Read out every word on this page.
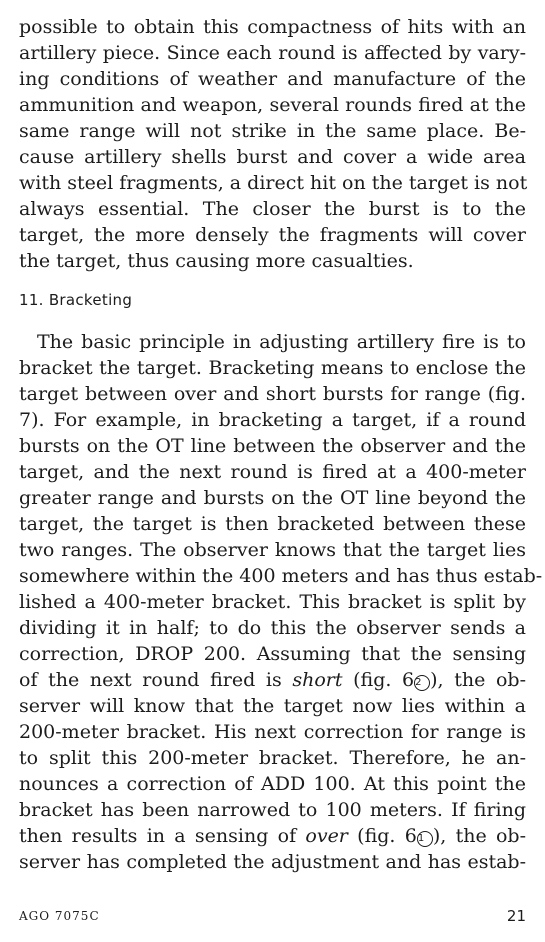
possible to obtain this compactness of hits with an
artillery piece. Since each round is affected by vary-
ing conditions of weather and manufacture of the
ammunition and weapon, several rounds fired at the
same range will not strike in the same place. Be-
cause artillery shells burst and cover a wide area
with steel fragments, a direct hit on the target is not
always essential. The closer the burst is to the
target, the more densely the fragments will cover
the target, thus causing more casualties.
11. Bracketing
The basic principle in adjusting artillery fire is to
bracket the target. Bracketing means to enclose the
target between over and short bursts for range (fig.
7). For example, in bracketing a target, if a round
bursts on the OT line between the observer and the
target, and the next round is fired at a 400-meter
greater range and bursts on the OT line beyond the
target, the target is then bracketed between these
two ranges. The observer knows that the target lies
somewhere within the 400 meters and has thus estab-
lished a 400-meter bracket. This bracket is split by
dividing it in half; to do this the observer sends a
correction, DROP 200. Assuming that the sensing
of the next round fired is short (fig. 62 ), the ob-
server will know that the target now lies within a
200-meter bracket. His next correction for range is
to split this 200-meter bracket. Therefore, he an-
nounces a correction of ADD 100. At this point the
bracket has been narrowed to 100 meters. If firing
then results in a sensing of over (fig. 61 ), the ob-
server has completed the adjustment and has estab-
AGO 7075C	21
